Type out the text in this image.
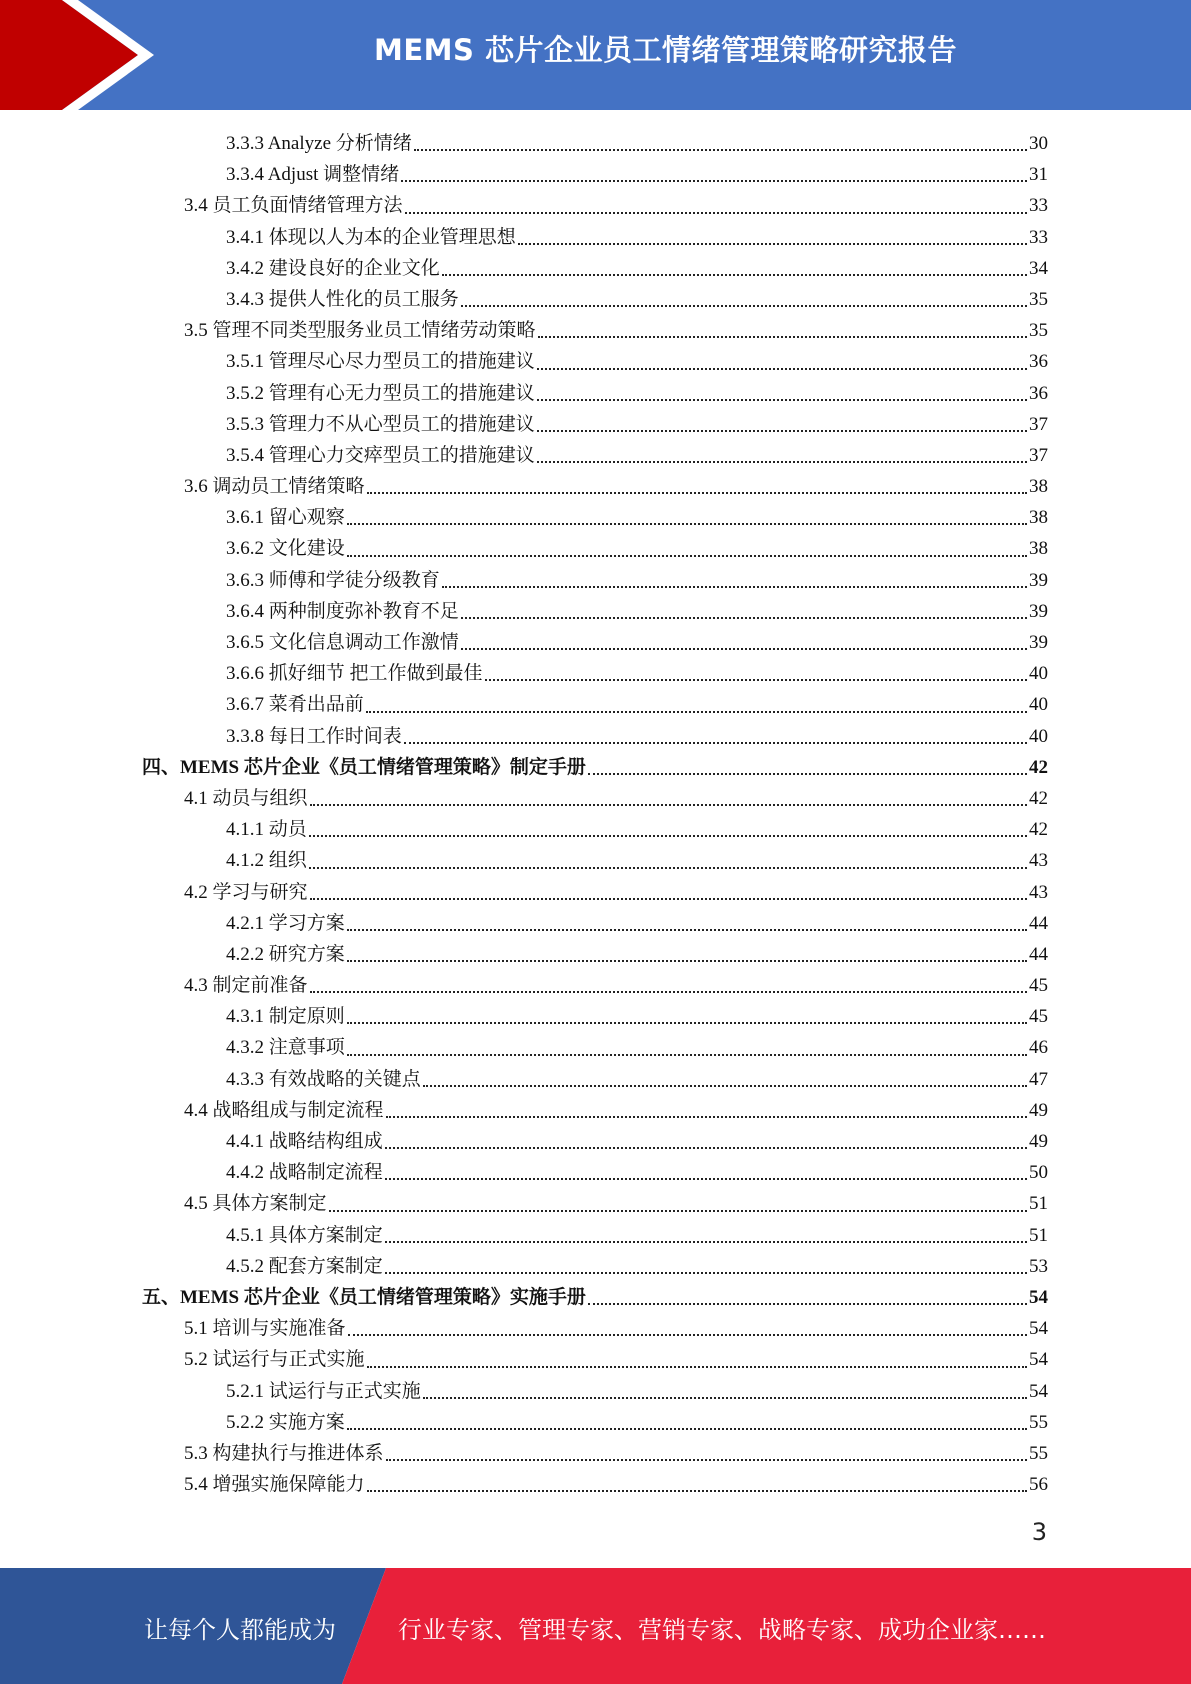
MEMS 芯片企业员工情绪管理策略研究报告
3.3.3 Analyze 分析情绪	30
3.3.4 Adjust 调整情绪	31
3.4 员工负面情绪管理方法	33
3.4.1 体现以人为本的企业管理思想	33
3.4.2 建设良好的企业文化	34
3.4.3 提供人性化的员工服务	35
3.5 管理不同类型服务业员工情绪劳动策略	35
3.5.1 管理尽心尽力型员工的措施建议	36
3.5.2 管理有心无力型员工的措施建议	36
3.5.3 管理力不从心型员工的措施建议	37
3.5.4 管理心力交瘁型员工的措施建议	37
3.6 调动员工情绪策略	38
3.6.1 留心观察	38
3.6.2 文化建设	38
3.6.3 师傅和学徒分级教育	39
3.6.4 两种制度弥补教育不足	39
3.6.5 文化信息调动工作激情	39
3.6.6 抓好细节 把工作做到最佳	40
3.6.7 菜肴出品前	40
3.3.8 每日工作时间表	40
四、MEMS 芯片企业《员工情绪管理策略》制定手册	42
4.1 动员与组织	42
4.1.1 动员	42
4.1.2 组织	43
4.2 学习与研究	43
4.2.1 学习方案	44
4.2.2 研究方案	44
4.3 制定前准备	45
4.3.1 制定原则	45
4.3.2 注意事项	46
4.3.3 有效战略的关键点	47
4.4 战略组成与制定流程	49
4.4.1 战略结构组成	49
4.4.2 战略制定流程	50
4.5 具体方案制定	51
4.5.1 具体方案制定	51
4.5.2 配套方案制定	53
五、MEMS 芯片企业《员工情绪管理策略》实施手册	54
5.1 培训与实施准备	54
5.2 试运行与正式实施	54
5.2.1 试运行与正式实施	54
5.2.2 实施方案	55
5.3 构建执行与推进体系	55
5.4 增强实施保障能力	56
3
让每个人都能成为	行业专家、管理专家、营销专家、战略专家、成功企业家……
